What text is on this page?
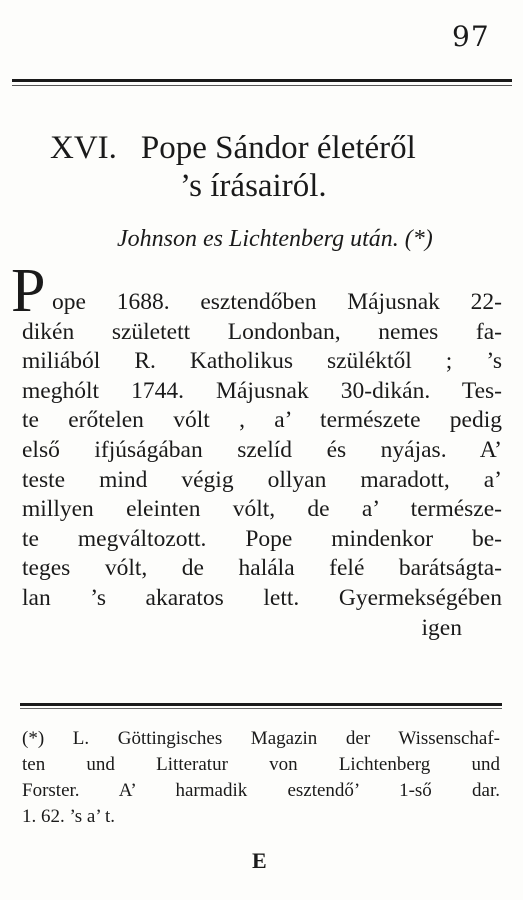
97
XVI. Pope Sándor életéről
’s írásairól.
Johnson es Lichtenberg után. (*)
P ope 1688. esztendőben Májusnak 22-
dikén született Londonban, nemes fa-
miliából R. Katholikus szüléktől ; ’s
meghólt 1744. Májusnak 30-dikán. Tes-
te erőtelen vólt , a’ természete pedig
első ifjúságában szelíd és nyájas. A’
teste mind végig ollyan maradott, a’
millyen eleinten vólt, de a’ természe-
te megváltozott. Pope mindenkor be-
teges vólt, de halála felé barátságta-
lan ’s akaratos lett. Gyermekségében
igen
(*) L. Göttingisches Magazin der Wissenschaf-
ten und Litteratur von Lichtenberg und
Forster. A’ harmadik esztendő’ 1-ső dar.
1. 62. ’s a’ t.
E
